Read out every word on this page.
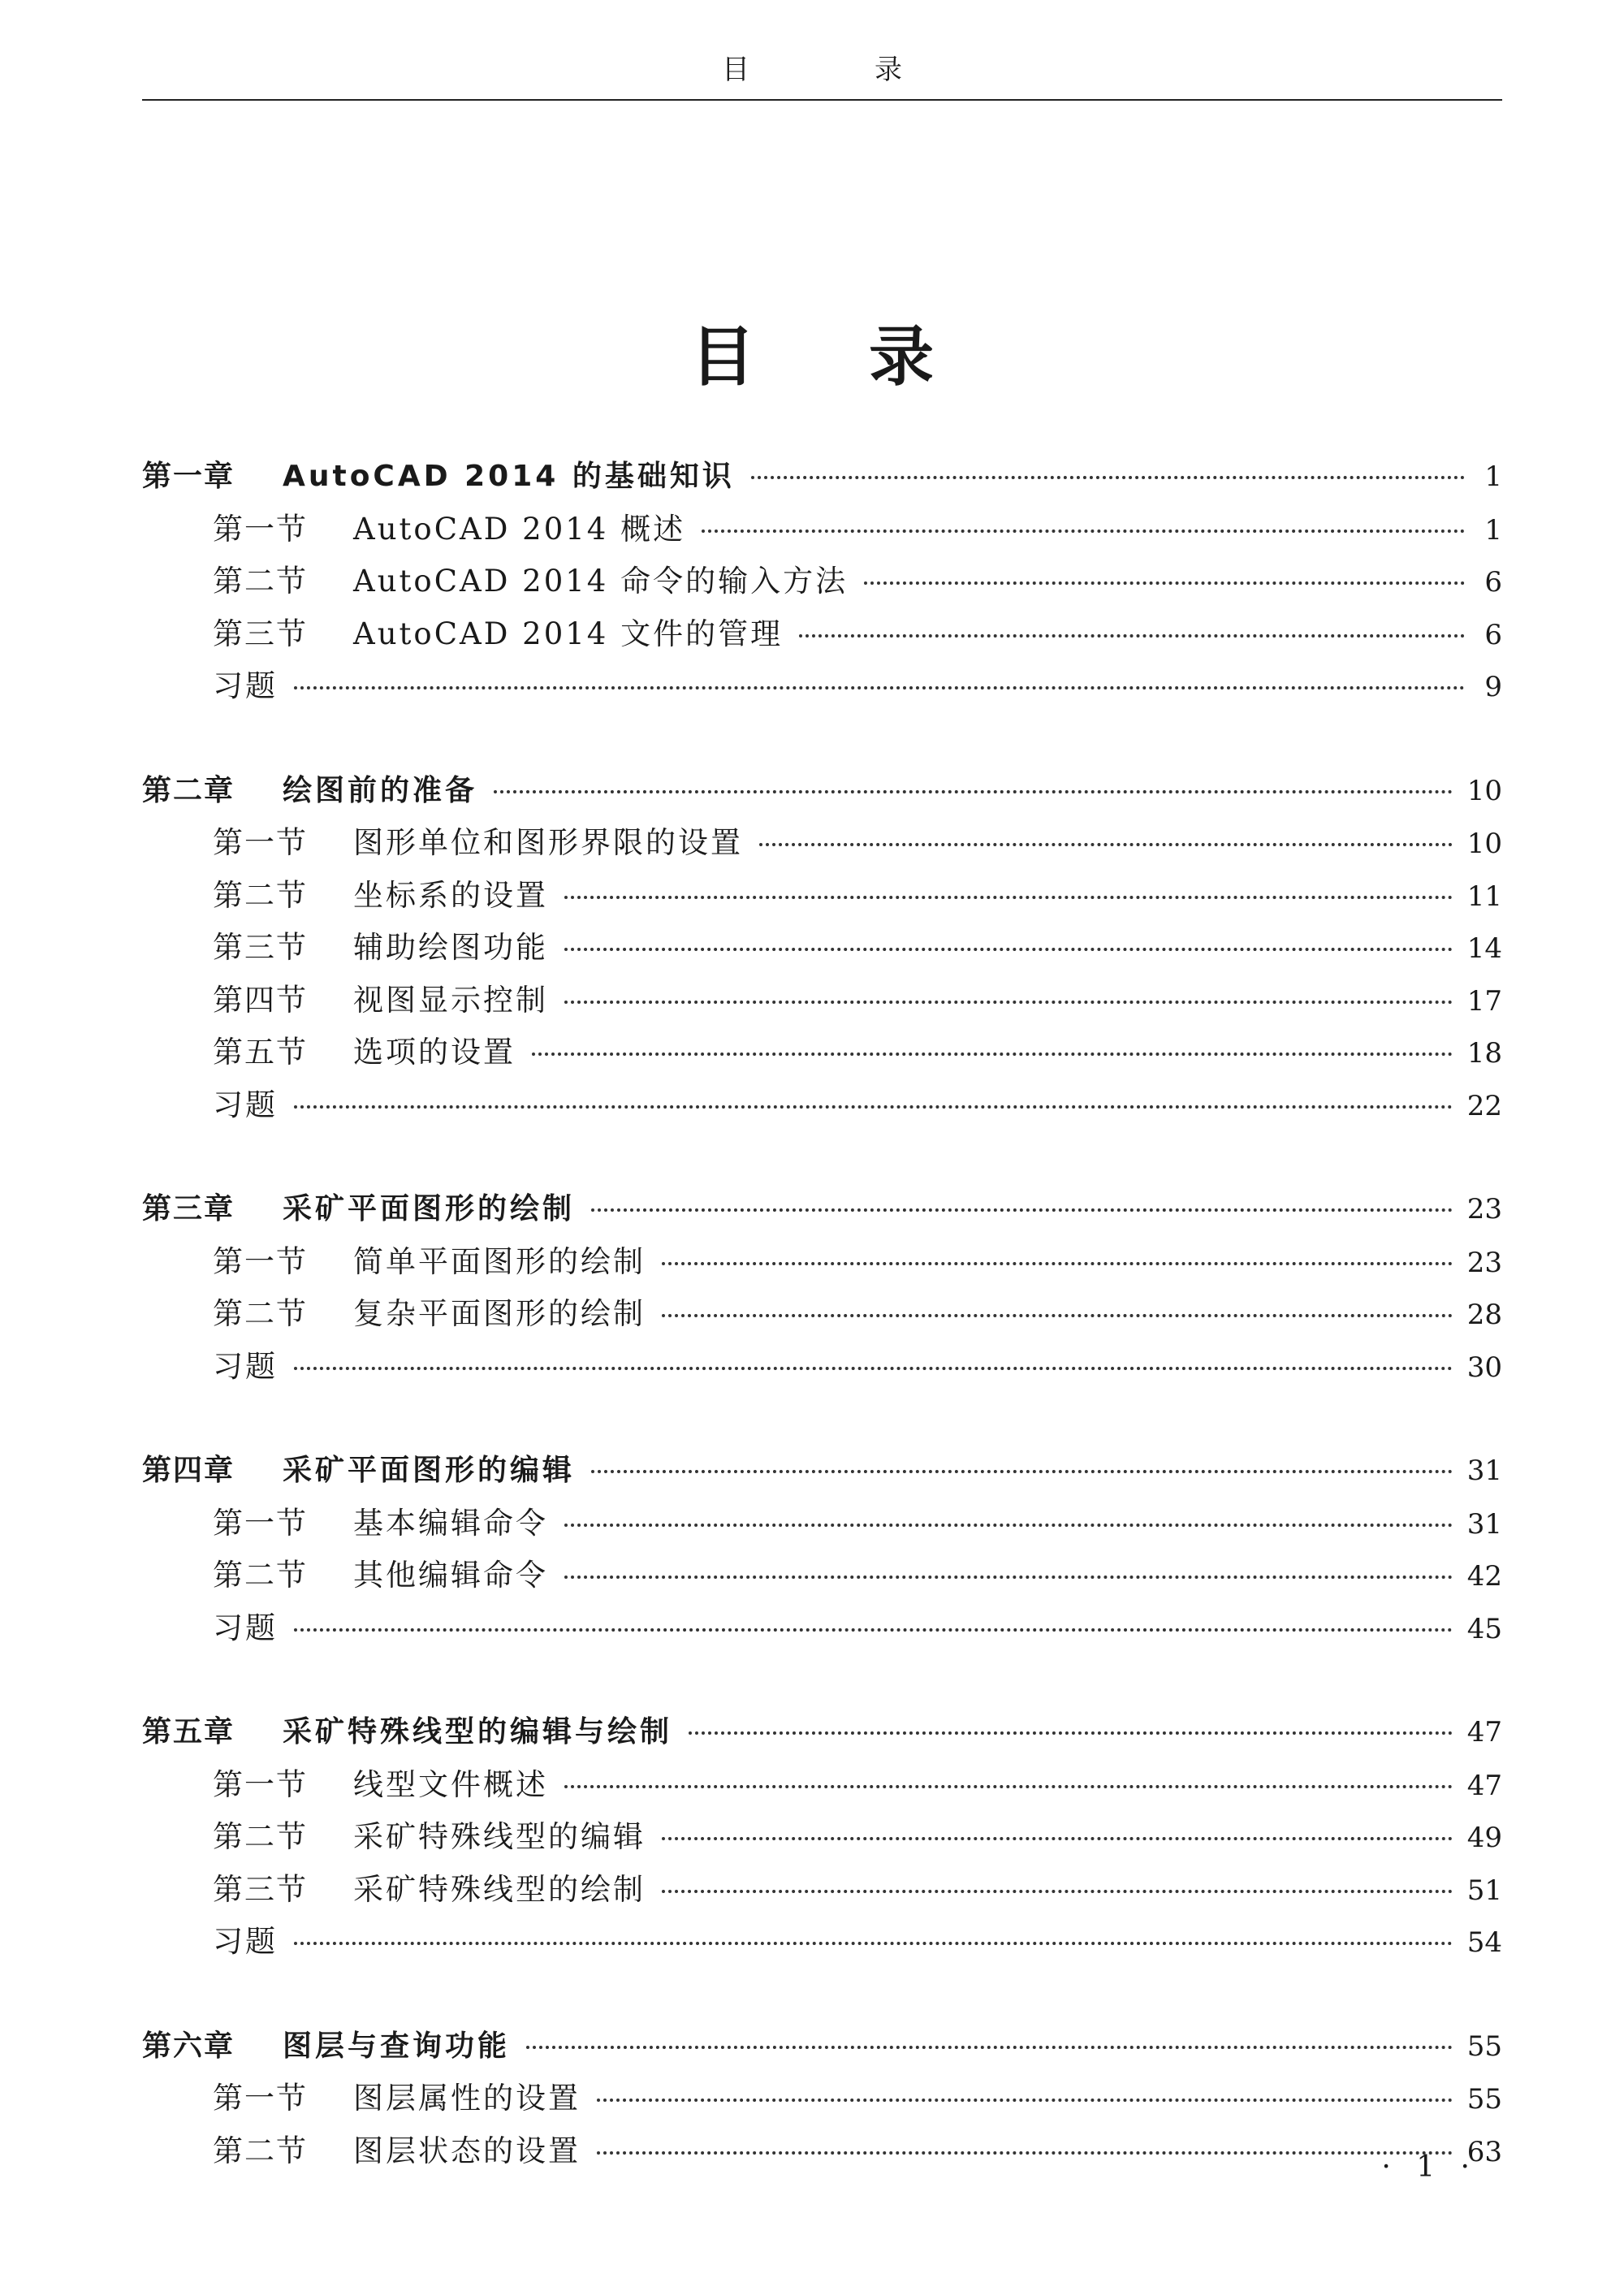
目　录
目录
第一章	AutoCAD 2014 的基础知识	1
第一节	AutoCAD 2014 概述	1
第二节	AutoCAD 2014 命令的输入方法	6
第三节	AutoCAD 2014 文件的管理	6
习题	9
第二章	绘图前的准备	10
第一节	图形单位和图形界限的设置	10
第二节	坐标系的设置	11
第三节	辅助绘图功能	14
第四节	视图显示控制	17
第五节	选项的设置	18
习题	22
第三章	采矿平面图形的绘制	23
第一节	简单平面图形的绘制	23
第二节	复杂平面图形的绘制	28
习题	30
第四章	采矿平面图形的编辑	31
第一节	基本编辑命令	31
第二节	其他编辑命令	42
习题	45
第五章	采矿特殊线型的编辑与绘制	47
第一节	线型文件概述	47
第二节	采矿特殊线型的编辑	49
第三节	采矿特殊线型的绘制	51
习题	54
第六章	图层与查询功能	55
第一节	图层属性的设置	55
第二节	图层状态的设置	63
· 1 ·
